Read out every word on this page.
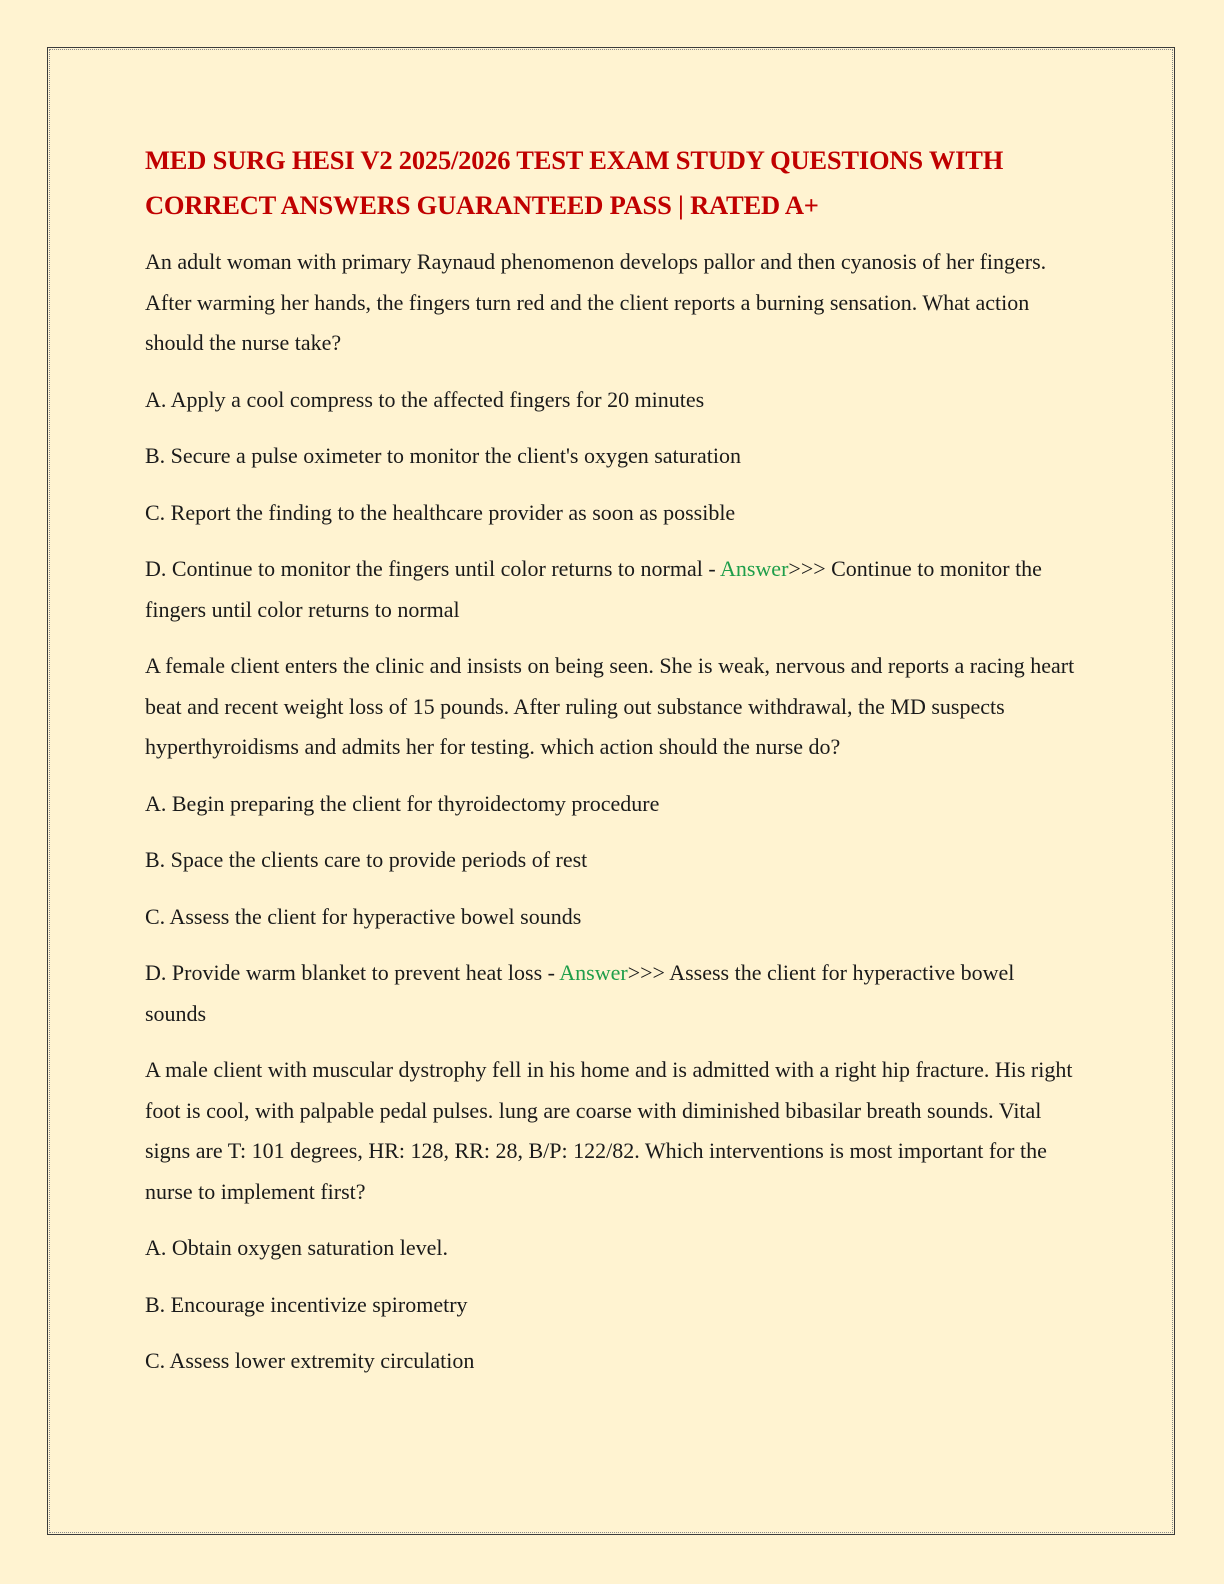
MED SURG HESI V2 2025/2026 TEST EXAM STUDY QUESTIONS WITH CORRECT ANSWERS GUARANTEED PASS | RATED A+

An adult woman with primary Raynaud phenomenon develops pallor and then cyanosis of her fingers. After warming her hands, the fingers turn red and the client reports a burning sensation. What action should the nurse take?

A. Apply a cool compress to the affected fingers for 20 minutes

B. Secure a pulse oximeter to monitor the client's oxygen saturation

C. Report the finding to the healthcare provider as soon as possible

D. Continue to monitor the fingers until color returns to normal - Answer>>> Continue to monitor the fingers until color returns to normal

A female client enters the clinic and insists on being seen. She is weak, nervous and reports a racing heart beat and recent weight loss of 15 pounds. After ruling out substance withdrawal, the MD suspects hyperthyroidisms and admits her for testing. which action should the nurse do?

A. Begin preparing the client for thyroidectomy procedure

B. Space the clients care to provide periods of rest

C. Assess the client for hyperactive bowel sounds

D. Provide warm blanket to prevent heat loss - Answer>>> Assess the client for hyperactive bowel sounds

A male client with muscular dystrophy fell in his home and is admitted with a right hip fracture. His right foot is cool, with palpable pedal pulses. lung are coarse with diminished bibasilar breath sounds. Vital signs are T: 101 degrees, HR: 128, RR: 28, B/P: 122/82. Which interventions is most important for the nurse to implement first?

A. Obtain oxygen saturation level.

B. Encourage incentivize spirometry

C. Assess lower extremity circulation
